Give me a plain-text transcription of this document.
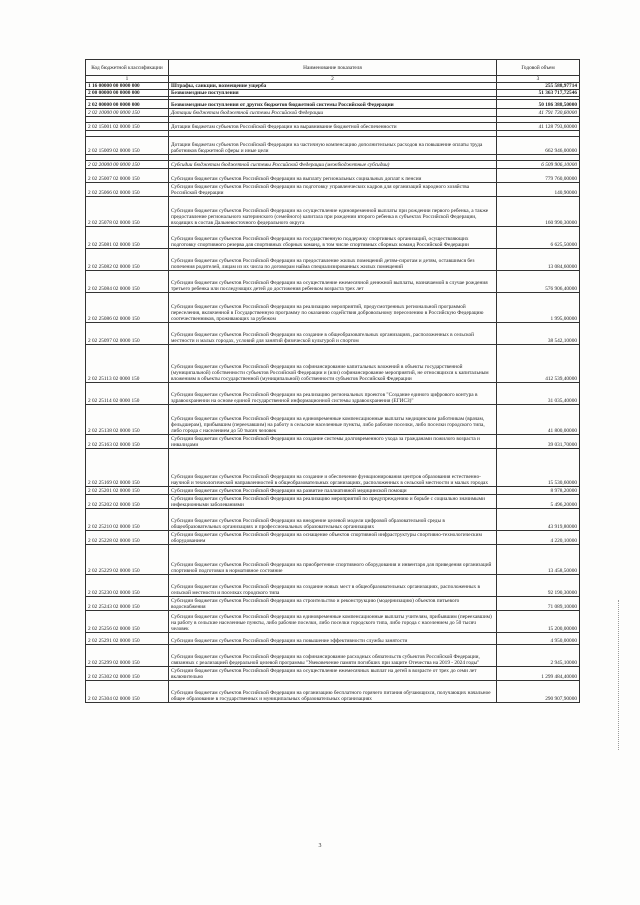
Код бюджетной классификации	Наименование показателя	Годовой объем
1	2	3
1 16 00000 00 0000 000	Штрафы, санкции, возмещение ущерба	255 588,97714
2 00 00000 00 0000 000	Безвозмездные поступления	51 363 717,72546

2 02 00000 00 0000 000	Безвозмездные поступления от других бюджетов бюджетной системы Российской Федерации	50 186 388,50000
2 02 10000 00 0000 150	Дотации бюджетам бюджетной системы Российской Федерации	41 791 730,60000

2 02 15001 02 0000 150	Дотации бюджетам субъектов Российской Федерации на выравнивание бюджетной обеспеченности	41 128 793,60000

2 02 15009 02 0000 150	Дотации бюджетам субъектов Российской Федерации на частичную компенсацию дополнительных расходов на повышение оплаты труда работников бюджетной сферы и иные цели	662 946,00000

2 02 20000 00 0000 150	Субсидии бюджетам бюджетной системы Российской Федерации (межбюджетные субсидии)	6 509 906,10000
2 02 25007 02 0000 150	Субсидии бюджетам субъектов Российской Федерации на выплату региональных социальных доплат к пенсии	779 760,00000
2 02 25066 02 0000 150	Субсидии бюджетам субъектов Российской Федерации на подготовку управленческих кадров для организаций народного хозяйства Российской Федерации	140,90000
2 02 25078 02 0000 150	Субсидии бюджетам субъектов Российской Федерации на осуществление единовременной выплаты при рождении первого ребенка, а также предоставление регионального материнского (семейного) капитала при рождении второго ребенка в субъектах Российской Федерации, входящих в состав Дальневосточного федерального округа	160 990,30000
2 02 25081 02 0000 150	Субсидии бюджетам субъектов Российской Федерации на государственную поддержку спортивных организаций, осуществляющих подготовку спортивного резерва для спортивных сборных команд, в том числе спортивных сборных команд Российской Федерации	6 625,50000
2 02 25082 02 0000 150	Субсидии бюджетам субъектов Российской Федерации на предоставление жилых помещений детям-сиротам и детям, оставшимся без попечения родителей, лицам из их числа по договорам найма специализированных жилых помещений	13 084,60000
2 02 25084 02 0000 150	Субсидии бюджетам субъектов Российской Федерации на осуществление ежемесячной денежной выплаты, назначаемой в случае рождения третьего ребенка или последующих детей до достижения ребенком возраста трех лет	576 906,40000
2 02 25086 02 0000 150	Субсидии бюджетам субъектов Российской Федерации на реализацию мероприятий, предусмотренных региональной программой переселения, включенной в Государственную программу по оказанию содействия добровольному переселению в Российскую Федерацию соотечественников, проживающих за рубежом	1 995,00000
2 02 25097 02 0000 150	Субсидии бюджетам субъектов Российской Федерации на создание в общеобразовательных организациях, расположенных в сельской местности и малых городах, условий для занятий физической культурой и спортом	38 542,10000
2 02 25113 02 0000 150	Субсидии бюджетам субъектов Российской Федерации на софинансирование капитальных вложений в объекты государственной (муниципальной) собственности субъектов Российской Федерации и (или) софинансирование мероприятий, не относящихся к капитальным вложениям в объекты государственной (муниципальной) собственности субъектов Российской Федерации	412 539,40000
2 02 25114 02 0000 150	Субсидии бюджетам субъектов Российской Федерации на реализацию региональных проектов "Создание единого цифрового контура в здравоохранении на основе единой государственной информационной системы здравоохранения (ЕГИСЗ)"	31 035,40000
2 02 25138 02 0000 150	Субсидии бюджетам субъектов Российской Федерации на единовременные компенсационные выплаты медицинским работникам (врачам, фельдшерам), прибывшим (переехавшим) на работу в сельские населенные пункты, либо рабочие поселки, либо поселки городского типа, либо города с населением до 50 тысяч человек	41 800,00000
2 02 25163 02 0000 150	Субсидии бюджетам субъектов Российской Федерации на создание системы долговременного ухода за гражданами пожилого возраста и инвалидами	39 031,70000
2 02 25169 02 0000 150	Субсидии бюджетам субъектов Российской Федерации на создание и обеспечение функционирования центров образования естественно-научной и технологической направленностей в общеобразовательных организациях, расположенных в сельской местности и малых городах	15 530,60000
2 02 25201 02 0000 150	Субсидии бюджетам субъектов Российской Федерации на развитие паллиативной медицинской помощи	8 978,20000
2 02 25202 02 0000 150	Субсидии бюджетам субъектов Российской Федерации на реализацию мероприятий по предупреждению и борьбе с социально значимыми инфекционными заболеваниями	5 496,20000
2 02 25210 02 0000 150	Субсидии бюджетам субъектов Российской Федерации на внедрение целевой модели цифровой образовательной среды в общеобразовательных организациях и профессиональных образовательных организациях	43 919,80000
2 02 25228 02 0000 150	Субсидии бюджетам субъектов Российской Федерации на оснащение объектов спортивной инфраструктуры спортивно-технологическим оборудованием	4 220,10000
2 02 25229 02 0000 150	Субсидии бюджетам субъектов Российской Федерации на приобретение спортивного оборудования и инвентаря для приведения организаций спортивной подготовки в нормативное состояние	13 458,50000
2 02 25230 02 0000 150	Субсидии бюджетам субъектов Российской Федерации на создание новых мест в общеобразовательных организациях, расположенных в сельской местности и поселках городского типа	92 190,30000
2 02 25243 02 0000 150	Субсидии бюджетам субъектов Российской Федерации на строительство и реконструкцию (модернизацию) объектов питьевого водоснабжения	71 089,10000
2 02 25256 02 0000 150	Субсидии бюджетам субъектов Российской Федерации на единовременные компенсационные выплаты учителям, прибывшим (переехавшим) на работу в сельские населенные пункты, либо рабочие поселки, либо поселки городского типа, либо города с населением до 50 тысяч человек	15 200,00000
2 02 25291 02 0000 150	Субсидии бюджетам субъектов Российской Федерации на повышение эффективности службы занятости	4 950,00000
2 02 25299 02 0000 150	Субсидии бюджетам субъектов Российской Федерации на софинансирование расходных обязательств субъектов Российской Федерации, связанных с реализацией федеральной целевой программы "Увековечение памяти погибших при защите Отечества на 2019 - 2024 годы"	2 945,10000
2 02 25302 02 0000 150	Субсидии бюджетам субъектов Российской Федерации на осуществление ежемесячных выплат на детей в возрасте от трех до семи лет включительно	1 299 484,40000
2 02 25304 02 0000 150	Субсидии бюджетам субъектов Российской Федерации на организацию бесплатного горячего питания обучающихся, получающих начальное общее образование в государственных и муниципальных образовательных организациях	290 907,90000
3
